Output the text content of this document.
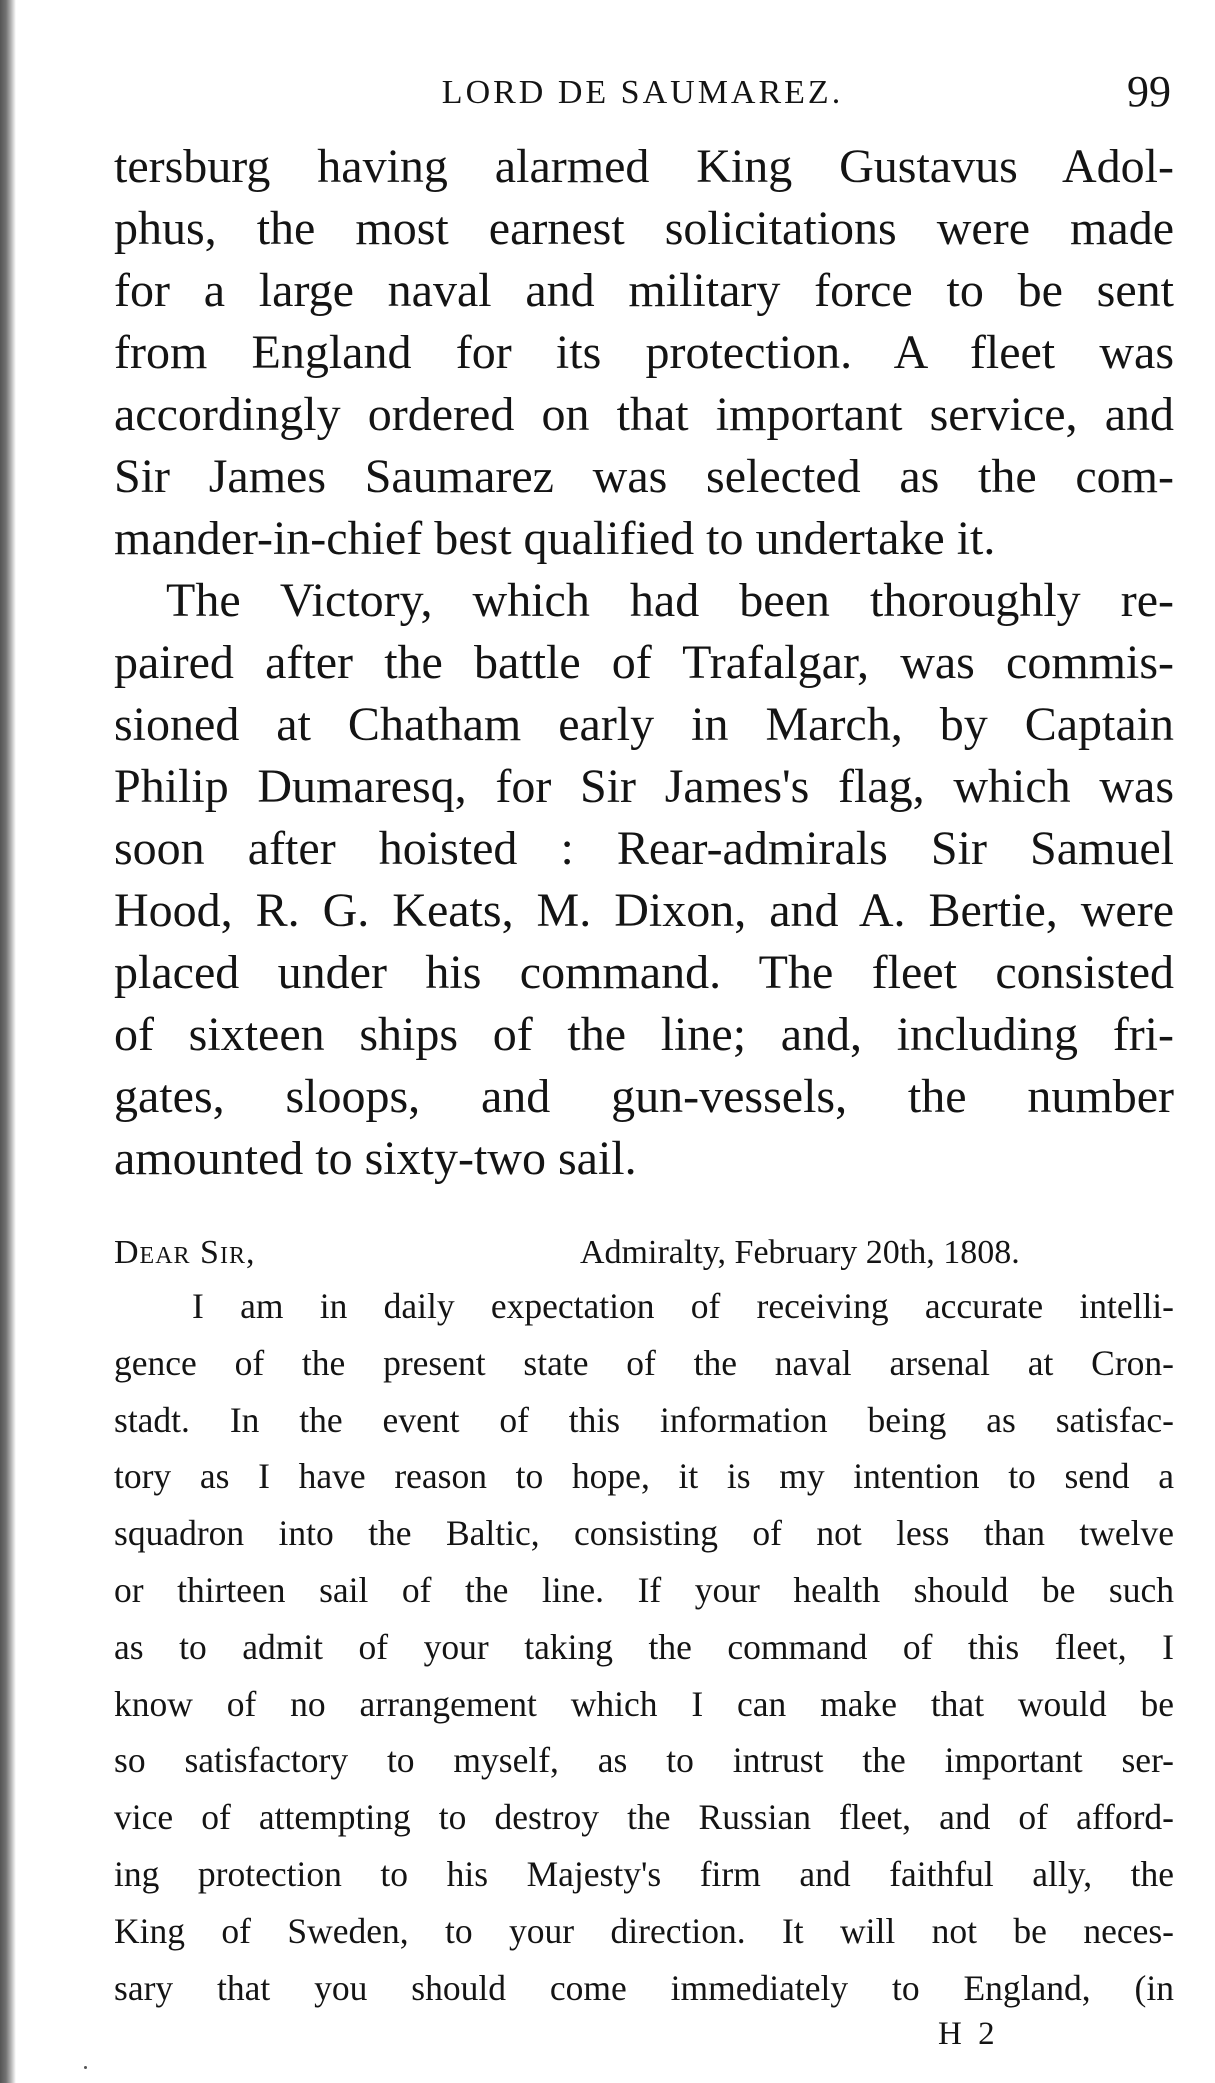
LORD DE SAUMAREZ.	99

tersburg having alarmed King Gustavus Adol-

phus, the most earnest solicitations were made

for a large naval and military force to be sent

from England for its protection. A fleet was

accordingly ordered on that important service, and

Sir James Saumarez was selected as the com-

mander-in-chief best qualified to undertake it.

The Victory, which had been thoroughly re-

paired after the battle of Trafalgar, was commis-

sioned at Chatham early in March, by Captain

Philip Dumaresq, for Sir James's flag, which was

soon after hoisted : Rear-admirals Sir Samuel

Hood, R. G. Keats, M. Dixon, and A. Bertie, were

placed under his command. The fleet consisted

of sixteen ships of the line; and, including fri-

gates, sloops, and gun-vessels, the number

amounted to sixty-two sail.

Dear Sir,	Admiralty, February 20th, 1808.

I am in daily expectation of receiving accurate intelli-

gence of the present state of the naval arsenal at Cron-

stadt. In the event of this information being as satisfac-

tory as I have reason to hope, it is my intention to send a

squadron into the Baltic, consisting of not less than twelve

or thirteen sail of the line. If your health should be such

as to admit of your taking the command of this fleet, I

know of no arrangement which I can make that would be

so satisfactory to myself, as to intrust the important ser-

vice of attempting to destroy the Russian fleet, and of afford-

ing protection to his Majesty's firm and faithful ally, the

King of Sweden, to your direction. It will not be neces-

sary that you should come immediately to England, (in

H 2
